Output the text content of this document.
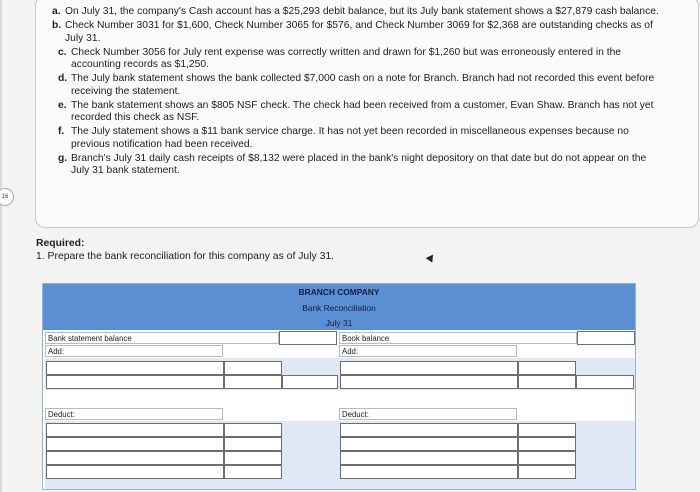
16
a. On July 31, the company's Cash account has a $25,293 debit balance, but its July bank statement shows a $27,879 cash balance.
b. Check Number 3031 for $1,600, Check Number 3065 for $576, and Check Number 3069 for $2,368 are outstanding checks as of July 31.
c. Check Number 3056 for July rent expense was correctly written and drawn for $1,260 but was erroneously entered in the accounting records as $1,250.
d. The July bank statement shows the bank collected $7,000 cash on a note for Branch. Branch had not recorded this event before receiving the statement.
e. The bank statement shows an $805 NSF check. The check had been received from a customer, Evan Shaw. Branch has not yet recorded this check as NSF.
f. The July statement shows a $11 bank service charge. It has not yet been recorded in miscellaneous expenses because no previous notification had been received.
g. Branch's July 31 daily cash receipts of $8,132 were placed in the bank's night depository on that date but do not appear on the July 31 bank statement.
Required:
1. Prepare the bank reconciliation for this company as of July 31.
BRANCH COMPANY
Bank Reconciliation
July 31
Bank statement balance
Add:
Deduct:
Book balance
Add:
Deduct:
